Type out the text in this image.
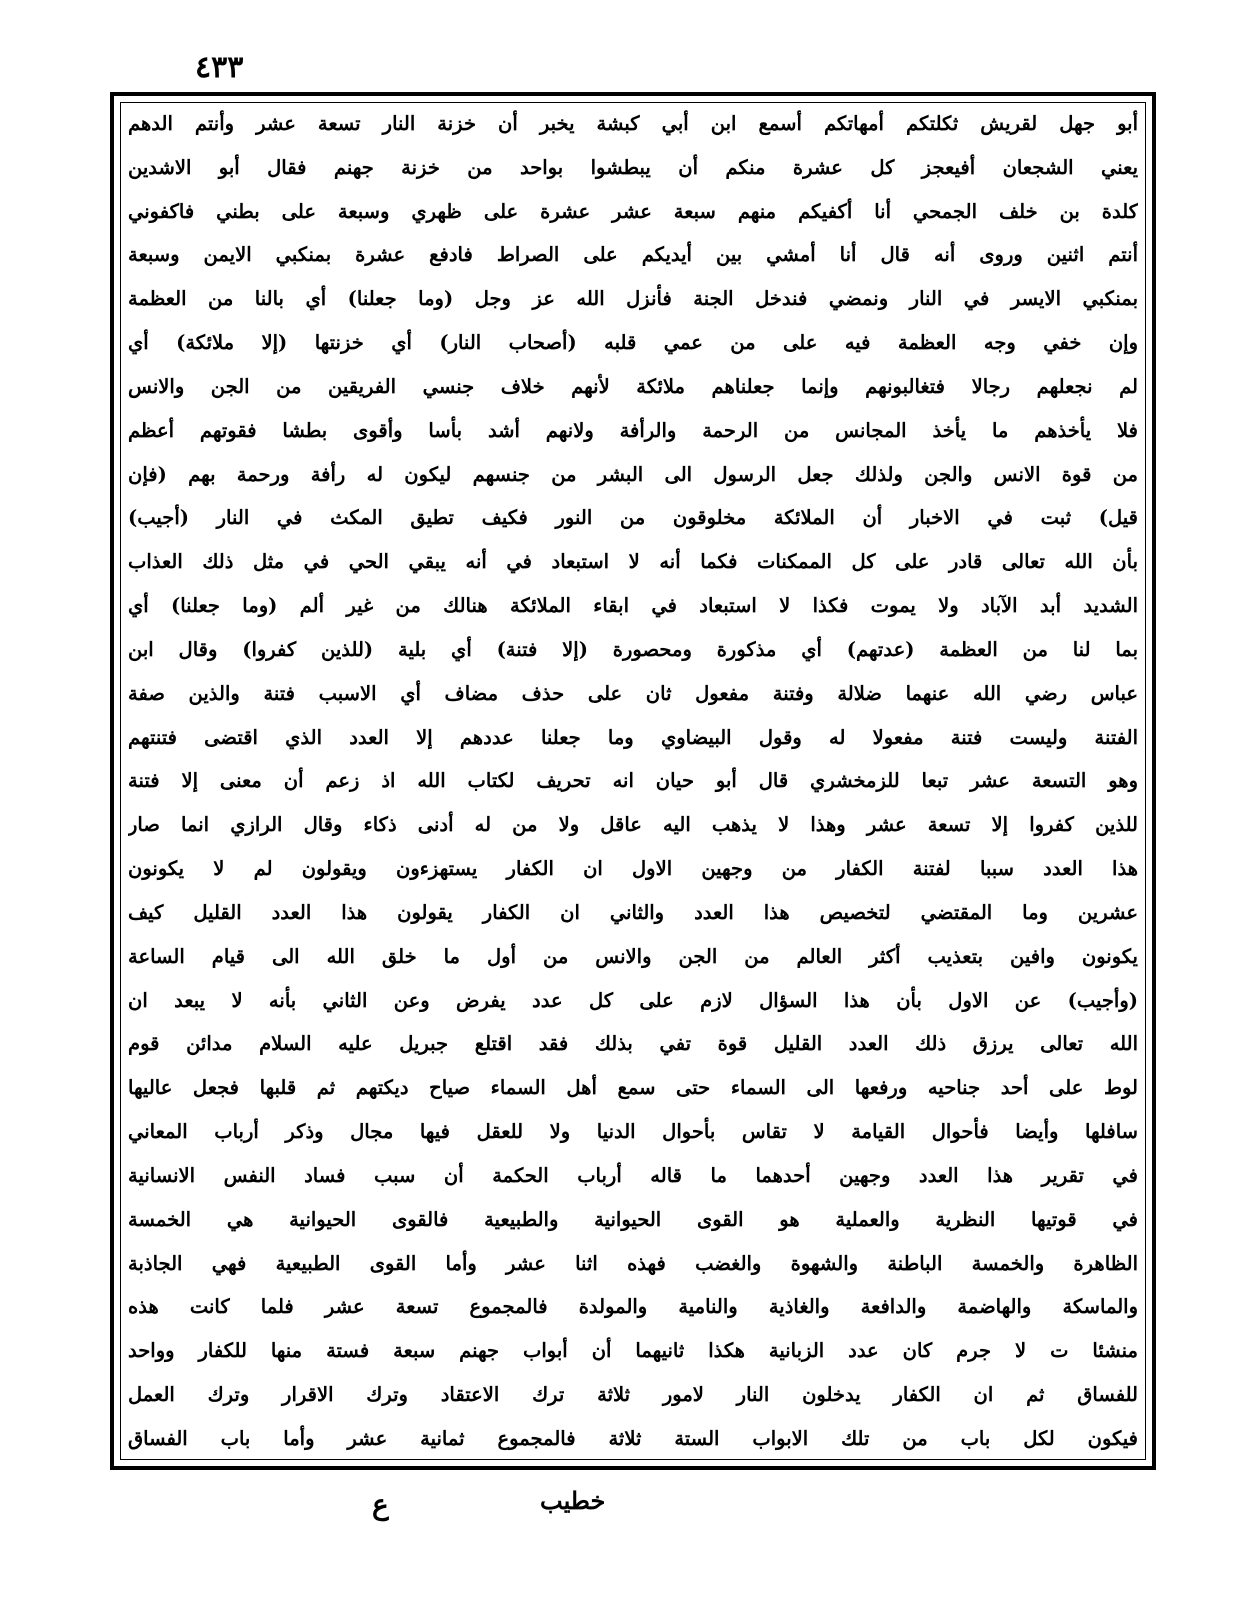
٤٣٣
أبو جهل لقريش ثكلتكم أمهاتكم أسمع ابن أبي كبشة يخبر أن خزنة النار تسعة عشر وأنتم الدهم
يعني الشجعان أفيعجز كل عشرة منكم أن يبطشوا بواحد من خزنة جهنم فقال أبو الاشدين
كلدة بن خلف الجمحي أنا أكفيكم منهم سبعة عشر عشرة على ظهري وسبعة على بطني فاكفوني
أنتم اثنين وروى أنه قال أنا أمشي بين أيديكم على الصراط فادفع عشرة بمنكبي الايمن وسبعة
بمنكبي الايسر في النار ونمضي فندخل الجنة فأنزل الله عز وجل (وما جعلنا) أي بالنا من العظمة
وإن خفي وجه العظمة فيه على من عمي قلبه (أصحاب النار) أي خزنتها (إلا ملائكة) أي
لم نجعلهم رجالا فتغالبونهم وإنما جعلناهم ملائكة لأنهم خلاف جنسي الفريقين من الجن والانس
فلا يأخذهم ما يأخذ المجانس من الرحمة والرأفة ولانهم أشد بأسا وأقوى بطشا فقوتهم أعظم
من قوة الانس والجن ولذلك جعل الرسول الى البشر من جنسهم ليكون له رأفة ورحمة بهم (فإن
قيل) ثبت في الاخبار أن الملائكة مخلوقون من النور فكيف تطيق المكث في النار (أجيب)
بأن الله تعالى قادر على كل الممكنات فكما أنه لا استبعاد في أنه يبقي الحي في مثل ذلك العذاب
الشديد أبد الآباد ولا يموت فكذا لا استبعاد في ابقاء الملائكة هنالك من غير ألم (وما جعلنا) أي
بما لنا من العظمة (عدتهم) أي مذكورة ومحصورة (إلا فتنة) أي بلية (للذين كفروا) وقال ابن
عباس رضي الله عنهما ضلالة وفتنة مفعول ثان على حذف مضاف أي الاسبب فتنة والذين صفة
الفتنة وليست فتنة مفعولا له وقول البيضاوي وما جعلنا عددهم إلا العدد الذي اقتضى فتنتهم
وهو التسعة عشر تبعا للزمخشري قال أبو حيان انه تحريف لكتاب الله اذ زعم أن معنى إلا فتنة
للذين كفروا إلا تسعة عشر وهذا لا يذهب اليه عاقل ولا من له أدنى ذكاء وقال الرازي انما صار
هذا العدد سببا لفتنة الكفار من وجهين الاول ان الكفار يستهزءون ويقولون لم لا يكونون
عشرين وما المقتضي لتخصيص هذا العدد والثاني ان الكفار يقولون هذا العدد القليل كيف
يكونون وافين بتعذيب أكثر العالم من الجن والانس من أول ما خلق الله الى قيام الساعة
(وأجيب) عن الاول بأن هذا السؤال لازم على كل عدد يفرض وعن الثاني بأنه لا يبعد ان
الله تعالى يرزق ذلك العدد القليل قوة تفي بذلك فقد اقتلع جبريل عليه السلام مدائن قوم
لوط على أحد جناحيه ورفعها الى السماء حتى سمع أهل السماء صياح ديكتهم ثم قلبها فجعل عاليها
سافلها وأيضا فأحوال القيامة لا تقاس بأحوال الدنيا ولا للعقل فيها مجال وذكر أرباب المعاني
في تقرير هذا العدد وجهين أحدهما ما قاله أرباب الحكمة أن سبب فساد النفس الانسانية
في قوتيها النظرية والعملية هو القوى الحيوانية والطبيعية فالقوى الحيوانية هي الخمسة
الظاهرة والخمسة الباطنة والشهوة والغضب فهذه اثنا عشر وأما القوى الطبيعية فهي الجاذبة
والماسكة والهاضمة والدافعة والغاذية والنامية والمولدة فالمجموع تسعة عشر فلما كانت هذه
منشئا ت لا جرم كان عدد الزبانية هكذا ثانيهما أن أبواب جهنم سبعة فستة منها للكفار وواحد
للفساق ثم ان الكفار يدخلون النار لامور ثلاثة ترك الاعتقاد وترك الاقرار وترك العمل
فيكون لكل باب من تلك الابواب الستة ثلاثة فالمجموع ثمانية عشر وأما باب الفساق
خطيب
ع
